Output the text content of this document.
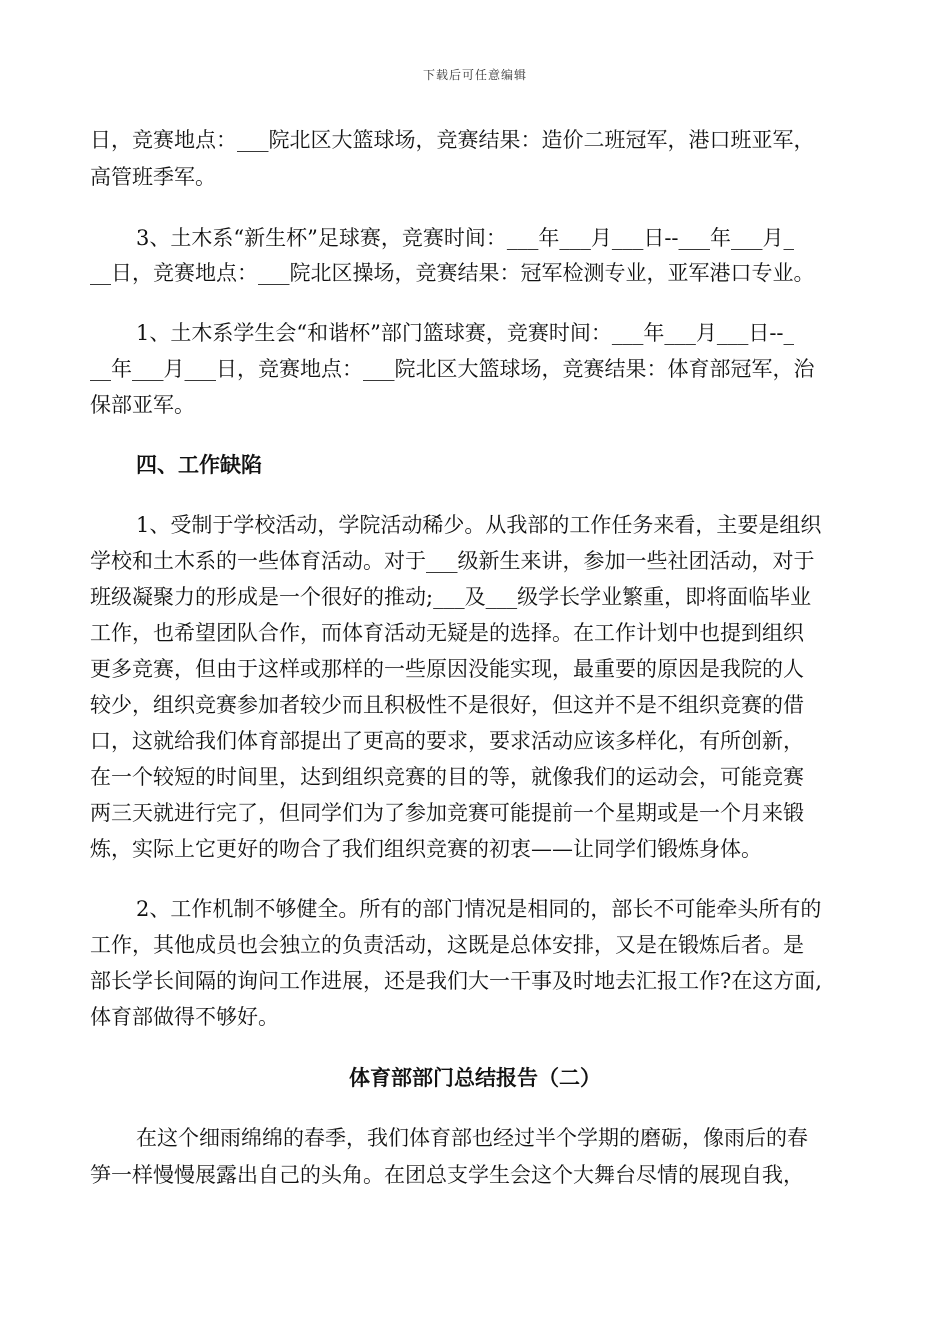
下载后可任意编辑
日，竞赛地点：___院北区大篮球场，竞赛结果：造价二班冠军，港口班亚军，
高管班季军。
3、土木系“新生杯”足球赛，竞赛时间：___年___月___日--___年___月_
__日，竞赛地点：___院北区操场，竞赛结果：冠军检测专业，亚军港口专业。
1、土木系学生会“和谐杯”部门篮球赛，竞赛时间：___年___月___日--_
__年___月___日，竞赛地点：___院北区大篮球场，竞赛结果：体育部冠军，治
保部亚军。
四、工作缺陷
1、受制于学校活动，学院活动稀少。从我部的工作任务来看，主要是组织
学校和土木系的一些体育活动。对于___级新生来讲，参加一些社团活动，对于
班级凝聚力的形成是一个很好的推动;___及___级学长学业繁重，即将面临毕业
工作，也希望团队合作，而体育活动无疑是的选择。在工作计划中也提到组织
更多竞赛，但由于这样或那样的一些原因没能实现，最重要的原因是我院的人
较少，组织竞赛参加者较少而且积极性不是很好，但这并不是不组织竞赛的借
口，这就给我们体育部提出了更高的要求，要求活动应该多样化，有所创新，
在一个较短的时间里，达到组织竞赛的目的等，就像我们的运动会，可能竞赛
两三天就进行完了，但同学们为了参加竞赛可能提前一个星期或是一个月来锻
炼，实际上它更好的吻合了我们组织竞赛的初衷——让同学们锻炼身体。
2、工作机制不够健全。所有的部门情况是相同的，部长不可能牵头所有的
工作，其他成员也会独立的负责活动，这既是总体安排，又是在锻炼后者。是
部长学长间隔的询问工作进展，还是我们大一干事及时地去汇报工作?在这方面,
体育部做得不够好。
体育部部门总结报告（二）
在这个细雨绵绵的春季，我们体育部也经过半个学期的磨砺，像雨后的春
笋一样慢慢展露出自己的头角。在团总支学生会这个大舞台尽情的展现自我，
